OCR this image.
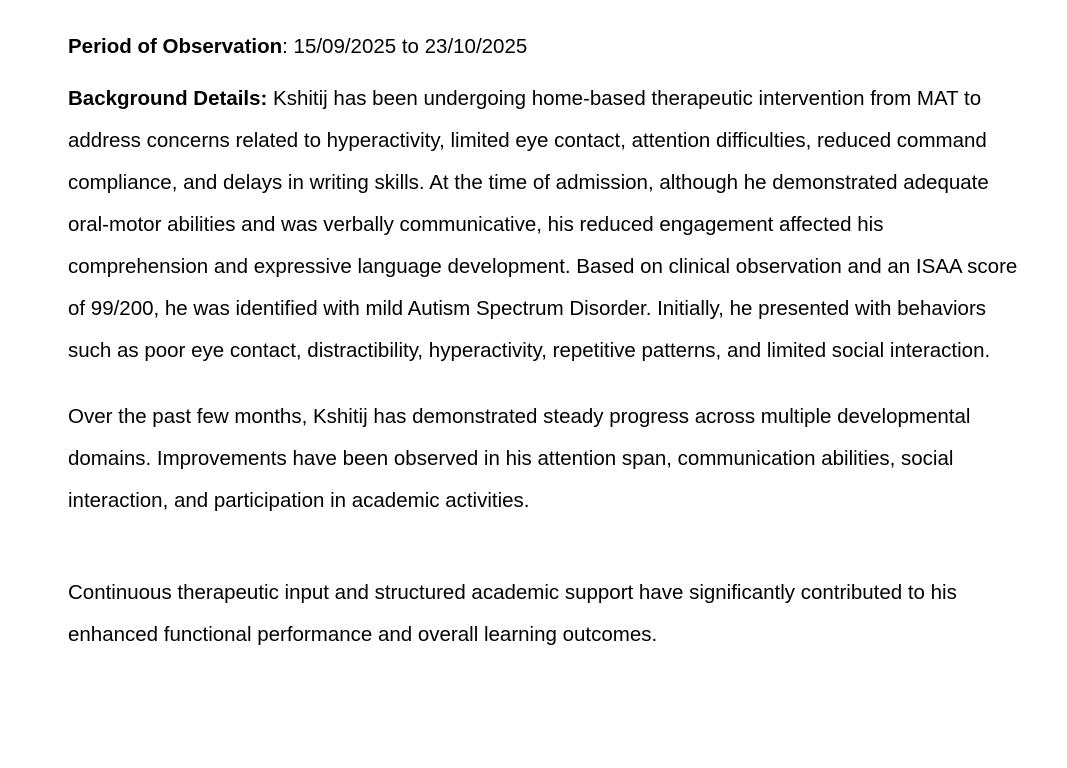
Period of Observation: 15/09/2025 to 23/10/2025

Background Details: Kshitij has been undergoing home-based therapeutic intervention from MAT to address concerns related to hyperactivity, limited eye contact, attention difficulties, reduced command compliance, and delays in writing skills. At the time of admission, although he demonstrated adequate oral-motor abilities and was verbally communicative, his reduced engagement affected his comprehension and expressive language development. Based on clinical observation and an ISAA score of 99/200, he was identified with mild Autism Spectrum Disorder. Initially, he presented with behaviors such as poor eye contact, distractibility, hyperactivity, repetitive patterns, and limited social interaction.

Over the past few months, Kshitij has demonstrated steady progress across multiple developmental domains. Improvements have been observed in his attention span, communication abilities, social interaction, and participation in academic activities.

Continuous therapeutic input and structured academic support have significantly contributed to his enhanced functional performance and overall learning outcomes.
